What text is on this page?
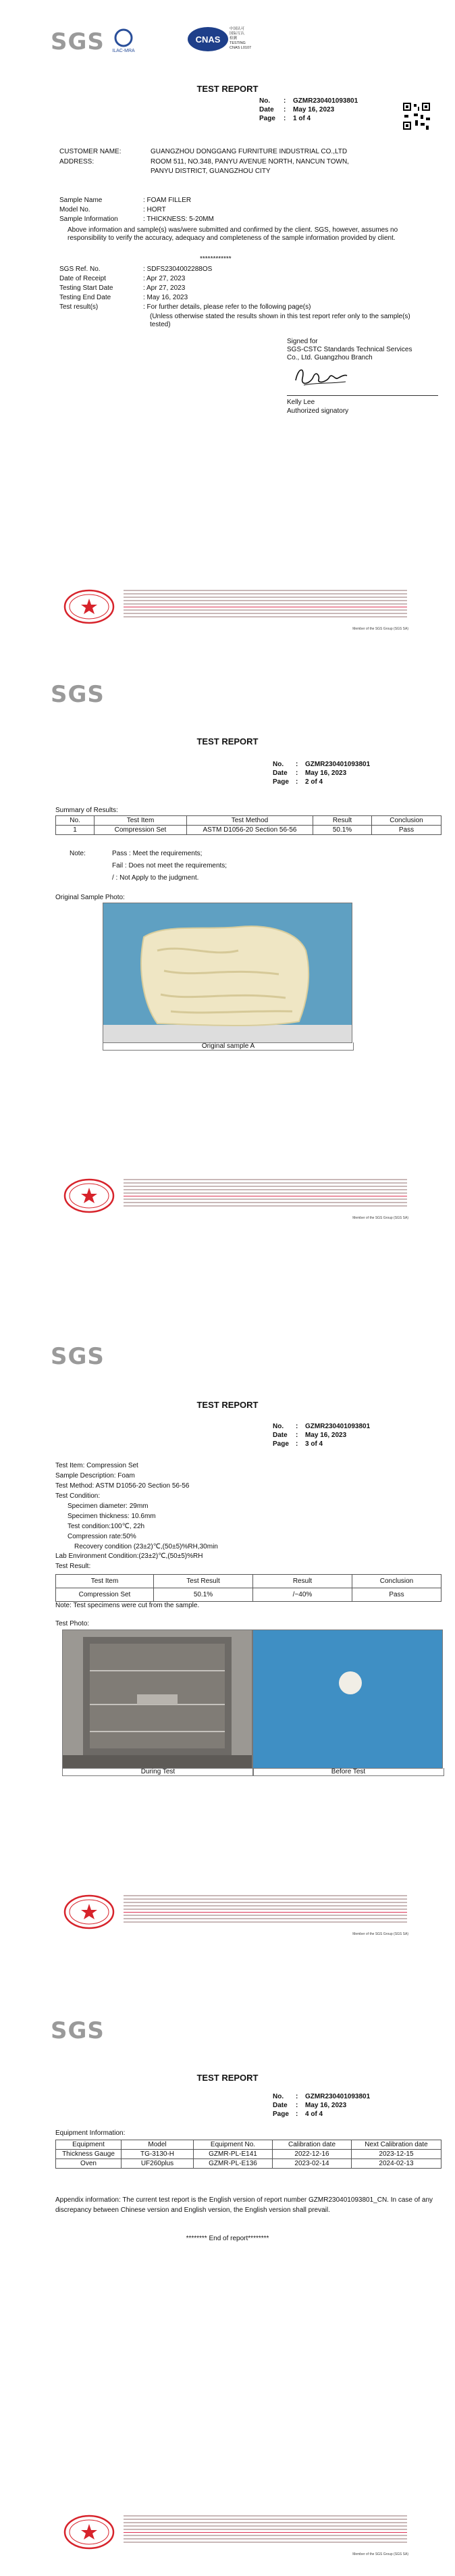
SGS ILAC-MRA
CNAS
中国认可
国际互认
检测
TESTING
CNAS L0107
TEST REPORT
No. : GZMR230401093801
Date : May 16, 2023
Page : 1 of 4
CUSTOMER NAME:	GUANGZHOU DONGGANG FURNITURE INDUSTRIAL CO.,LTD
ADDRESS:	ROOM 511, NO.348, PANYU AVENUE NORTH, NANCUN TOWN,
PANYU DISTRICT, GUANGZHOU CITY
Sample Name	: FOAM FILLER
Model No.	: HORT
Sample Information	: THICKNESS: 5-20MM
Above information and sample(s) was/were submitted and confirmed by the client. SGS, however, assumes no responsibility to verify the accuracy, adequacy and completeness of the sample information provided by client.
************
SGS Ref. No.	: SDFS2304002288OS
Date of Receipt	: Apr 27, 2023
Testing Start Date	: Apr 27, 2023
Testing End Date	: May 16, 2023
Test result(s)	: For further details, please refer to the following page(s)
(Unless otherwise stated the results shown in this test report refer only to the sample(s) tested)
Signed for
SGS-CSTC Standards Technical Services Co., Ltd. Guangzhou Branch
Kelly Lee
Authorized signatory
Member of the SGS Group (SGS SA)
SGS
TEST REPORT
No. : GZMR230401093801
Date : May 16, 2023
Page : 2 of 4
Summary of Results:
No.	Test Item	Test Method	Result	Conclusion
1	Compression Set	ASTM D1056-20 Section 56-56	50.1%	Pass
Note:	Pass : Meet the requirements;
Fail : Does not meet the requirements;
/ : Not Apply to the judgment.
Original Sample Photo:
Original sample A
Member of the SGS Group (SGS SA)
SGS
TEST REPORT
No. : GZMR230401093801
Date : May 16, 2023
Page : 3 of 4
Test Item: Compression Set
Sample Description: Foam
Test Method: ASTM D1056-20 Section 56-56
Test Condition:
Specimen diameter: 29mm
Specimen thickness: 10.6mm
Test condition:100℃, 22h
Compression rate:50%
Recovery condition (23±2)℃,(50±5)%RH,30min
Lab Environment Condition:(23±2)℃,(50±5)%RH
Test Result:
Test Item	Test Result	Result	Conclusion
Compression Set	50.1%	/~40%	Pass
Note: Test specimens were cut from the sample.
Test Photo:
During Test	Before Test
Member of the SGS Group (SGS SA)
SGS
TEST REPORT
No. : GZMR230401093801
Date : May 16, 2023
Page : 4 of 4
Equipment Information:
Equipment	Model	Equipment No.	Calibration date	Next Calibration date
Thickness Gauge	TG-3130-H	GZMR-PL-E141	2022-12-16	2023-12-15
Oven	UF260plus	GZMR-PL-E136	2023-02-14	2024-02-13
Appendix information: The current test report is the English version of report number GZMR230401093801_CN. In case of any discrepancy between Chinese version and English version, the English version shall prevail.
******** End of report********
Member of the SGS Group (SGS SA)
